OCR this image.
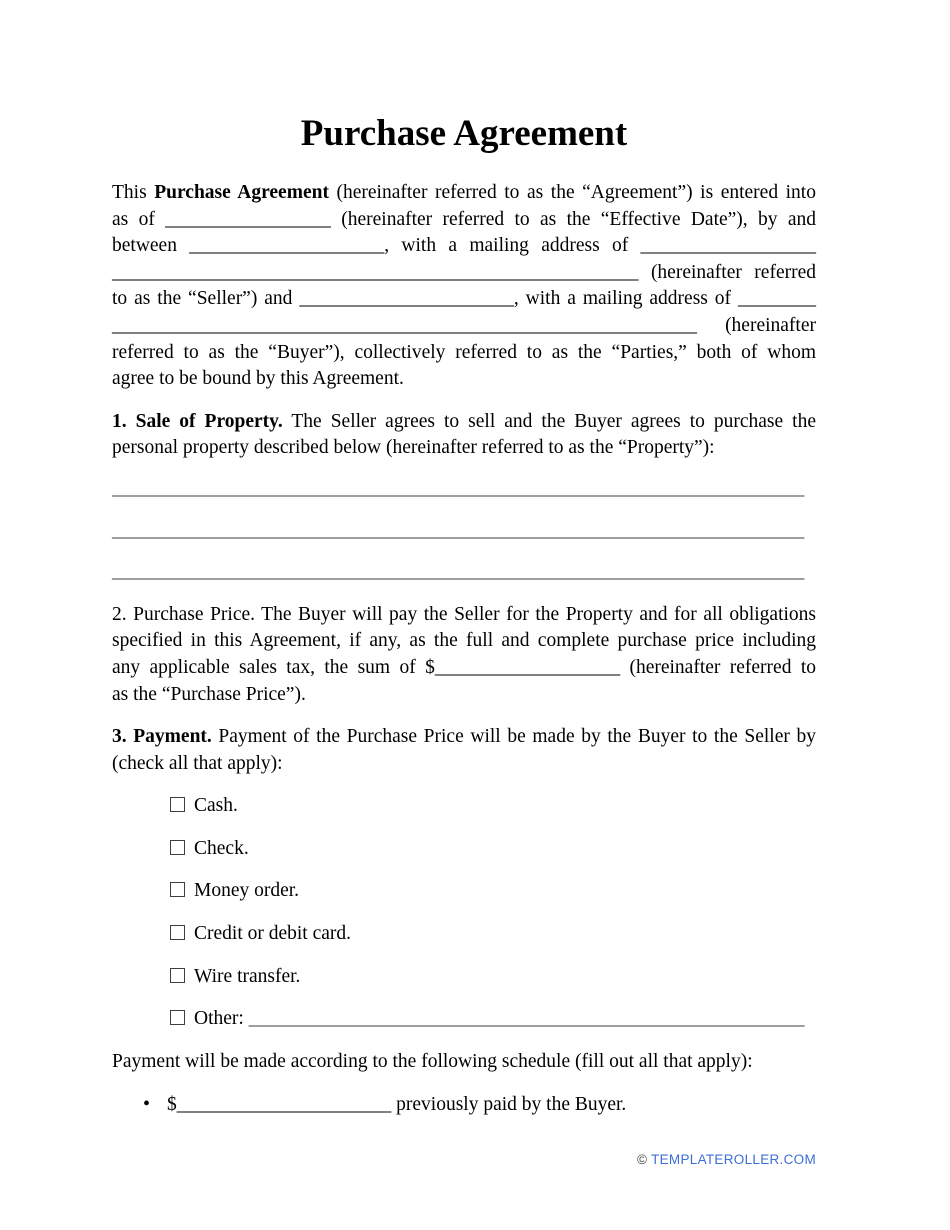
Purchase Agreement
This Purchase Agreement (hereinafter referred to as the “Agreement”) is entered into
as of _________________ (hereinafter referred to as the “Effective Date”), by and
between ____________________, with a mailing address of __________________
______________________________________________________ (hereinafter referred
to as the “Seller”) and ______________________, with a mailing address of ________
____________________________________________________________ (hereinafter
referred to as the “Buyer”), collectively referred to as the “Parties,” both of whom
agree to be bound by this Agreement.
1. Sale of Property. The Seller agrees to sell and the Buyer agrees to purchase the
personal property described below (hereinafter referred to as the “Property”):
_______________________________________________________________________
_______________________________________________________________________
_______________________________________________________________________
2. Purchase Price. The Buyer will pay the Seller for the Property and for all obligations
specified in this Agreement, if any, as the full and complete purchase price including
any applicable sales tax, the sum of $___________________ (hereinafter referred to
as the “Purchase Price”).
3. Payment. Payment of the Purchase Price will be made by the Buyer to the Seller by
(check all that apply):
Cash.
Check.
Money order.
Credit or debit card.
Wire transfer.
Other: _________________________________________________________
Payment will be made according to the following schedule (fill out all that apply):
• $______________________ previously paid by the Buyer.
© TEMPLATEROLLER.COM
